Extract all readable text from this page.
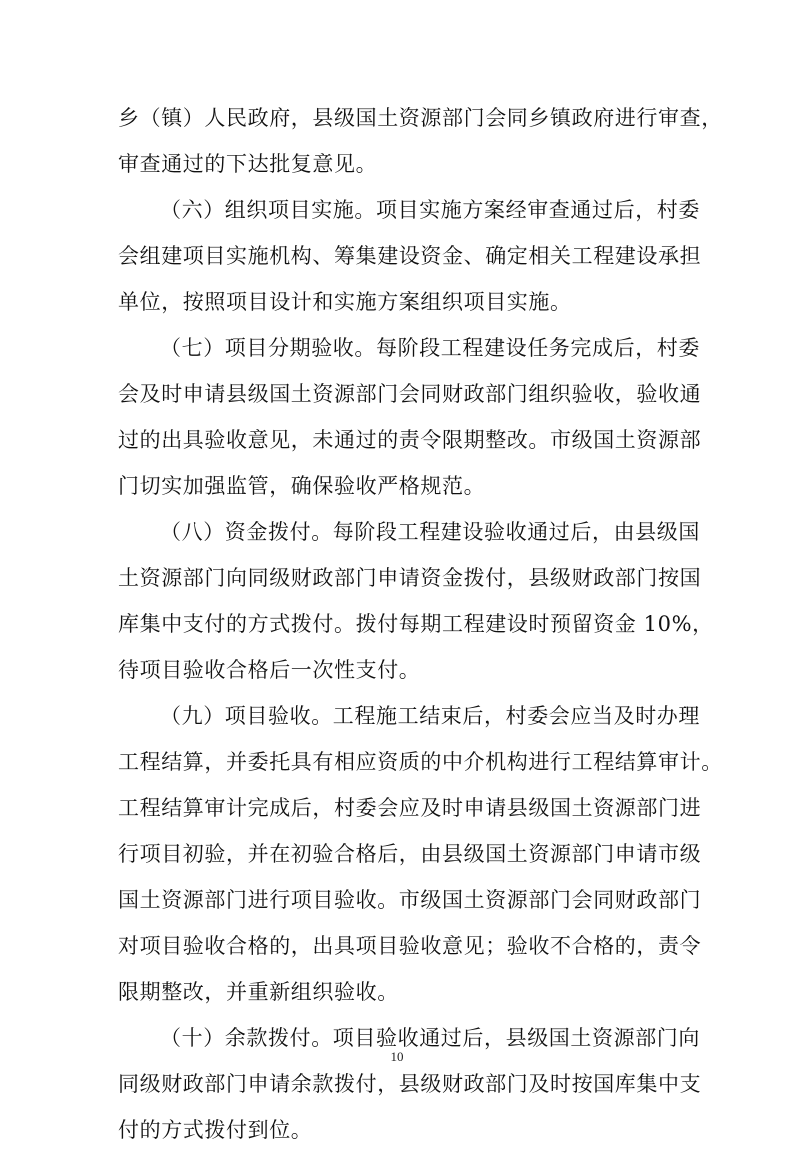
乡（镇）人民政府，县级国土资源部门会同乡镇政府进行审查，
审查通过的下达批复意见。
（六）组织项目实施。项目实施方案经审查通过后，村委
会组建项目实施机构、筹集建设资金、确定相关工程建设承担
单位，按照项目设计和实施方案组织项目实施。
（七）项目分期验收。每阶段工程建设任务完成后，村委
会及时申请县级国土资源部门会同财政部门组织验收，验收通
过的出具验收意见，未通过的责令限期整改。市级国土资源部
门切实加强监管，确保验收严格规范。
（八）资金拨付。每阶段工程建设验收通过后，由县级国
土资源部门向同级财政部门申请资金拨付，县级财政部门按国
库集中支付的方式拨付。拨付每期工程建设时预留资金 10%，
待项目验收合格后一次性支付。
（九）项目验收。工程施工结束后，村委会应当及时办理
工程结算，并委托具有相应资质的中介机构进行工程结算审计。
工程结算审计完成后，村委会应及时申请县级国土资源部门进
行项目初验，并在初验合格后，由县级国土资源部门申请市级
国土资源部门进行项目验收。市级国土资源部门会同财政部门
对项目验收合格的，出具项目验收意见；验收不合格的，责令
限期整改，并重新组织验收。
（十）余款拨付。项目验收通过后，县级国土资源部门向
同级财政部门申请余款拨付，县级财政部门及时按国库集中支
付的方式拨付到位。
10
